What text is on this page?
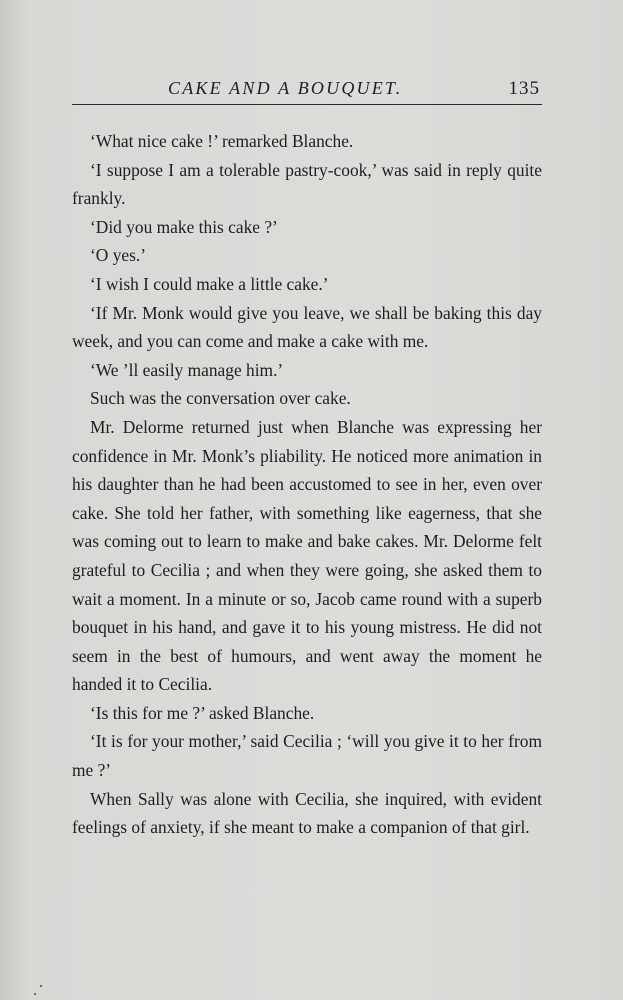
CAKE AND A BOUQUET.	135

‘What nice cake !’ remarked Blanche.

‘I suppose I am a tolerable pastry-cook,’ was said in reply quite frankly.

‘Did you make this cake ?’

‘O yes.’

‘I wish I could make a little cake.’

‘If Mr. Monk would give you leave, we shall be baking this day week, and you can come and make a cake with me.

‘We ’ll easily manage him.’

Such was the conversation over cake.

Mr. Delorme returned just when Blanche was expressing her confidence in Mr. Monk’s pliability. He noticed more animation in his daughter than he had been accustomed to see in her, even over cake. She told her father, with something like eagerness, that she was coming out to learn to make and bake cakes. Mr. Delorme felt grateful to Cecilia ; and when they were going, she asked them to wait a moment. In a minute or so, Jacob came round with a superb bouquet in his hand, and gave it to his young mistress. He did not seem in the best of humours, and went away the moment he handed it to Cecilia.

‘Is this for me ?’ asked Blanche.

‘It is for your mother,’ said Cecilia ; ‘will you give it to her from me ?’

When Sally was alone with Cecilia, she inquired, with evident feelings of anxiety, if she meant to make a companion of that girl.
